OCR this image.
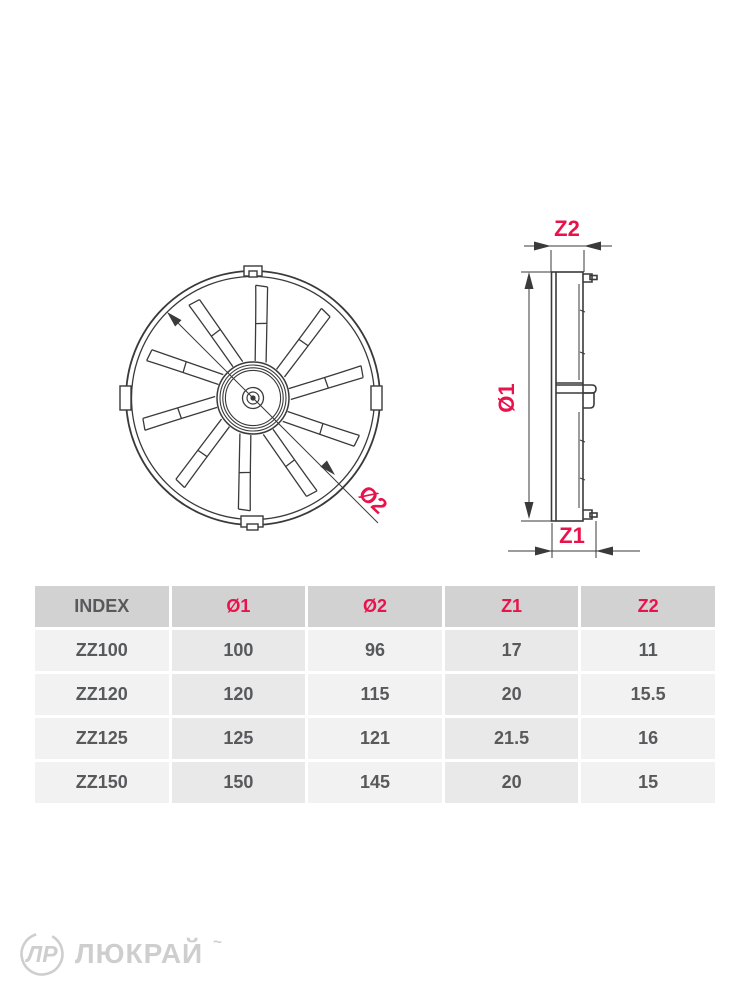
Ø2
Ø1
Z2
Z1
INDEX	Ø1	Ø2	Z1	Z2
ZZ100	100	96	17	11
ZZ120	120	115	20	15.5
ZZ125	125	121	21.5	16
ZZ150	150	145	20	15
ЛР ЛЮКРАЙ ~
